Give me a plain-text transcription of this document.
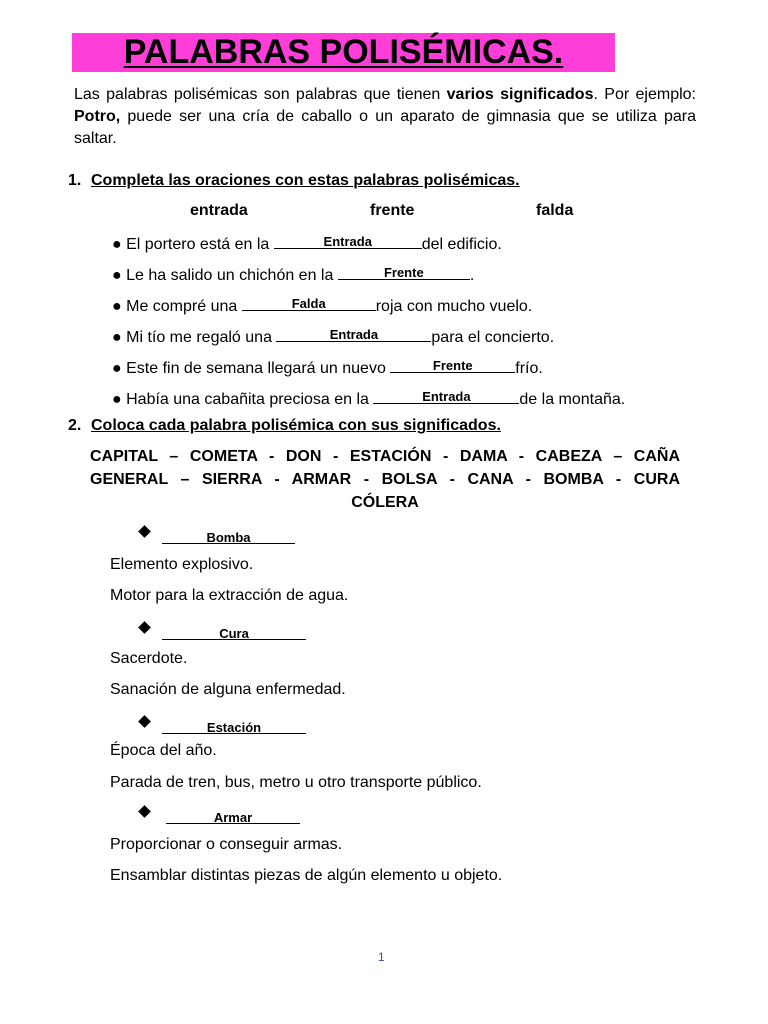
PALABRAS POLISÉMICAS.
Las palabras polisémicas son palabras que tienen varios significados. Por ejemplo: Potro, puede ser una cría de caballo o un aparato de gimnasia que se utiliza para saltar.
1. Completa las oraciones con estas palabras polisémicas.
entrada	frente	falda
● El portero está en la	Entrada	del edificio.
● Le ha salido un chichón en la	Frente	.
● Me compré una	Falda	roja con mucho vuelo.
● Mi tío me regaló una	Entrada	para el concierto.
● Este fin de semana llegará un nuevo	Frente	frío.
● Había una cabañita preciosa en la	Entrada	de la montaña.
2. Coloca cada palabra polisémica con sus significados.
CAPITAL – COMETA - DON - ESTACIÓN - DAMA - CABEZA – CAÑA
GENERAL – SIERRA - ARMAR - BOLSA - CANA - BOMBA - CURA
CÓLERA
$_{Bomba}$
Elemento explosivo.
Motor para la extracción de agua.
$_{Cura}$
Sacerdote.
Sanación de alguna enfermedad.
$_{Estación}$
Época del año.
Parada de tren, bus, metro u otro transporte público.
$_{Armar}$
Proporcionar o conseguir armas.
Ensamblar distintas piezas de algún elemento u objeto.
1
